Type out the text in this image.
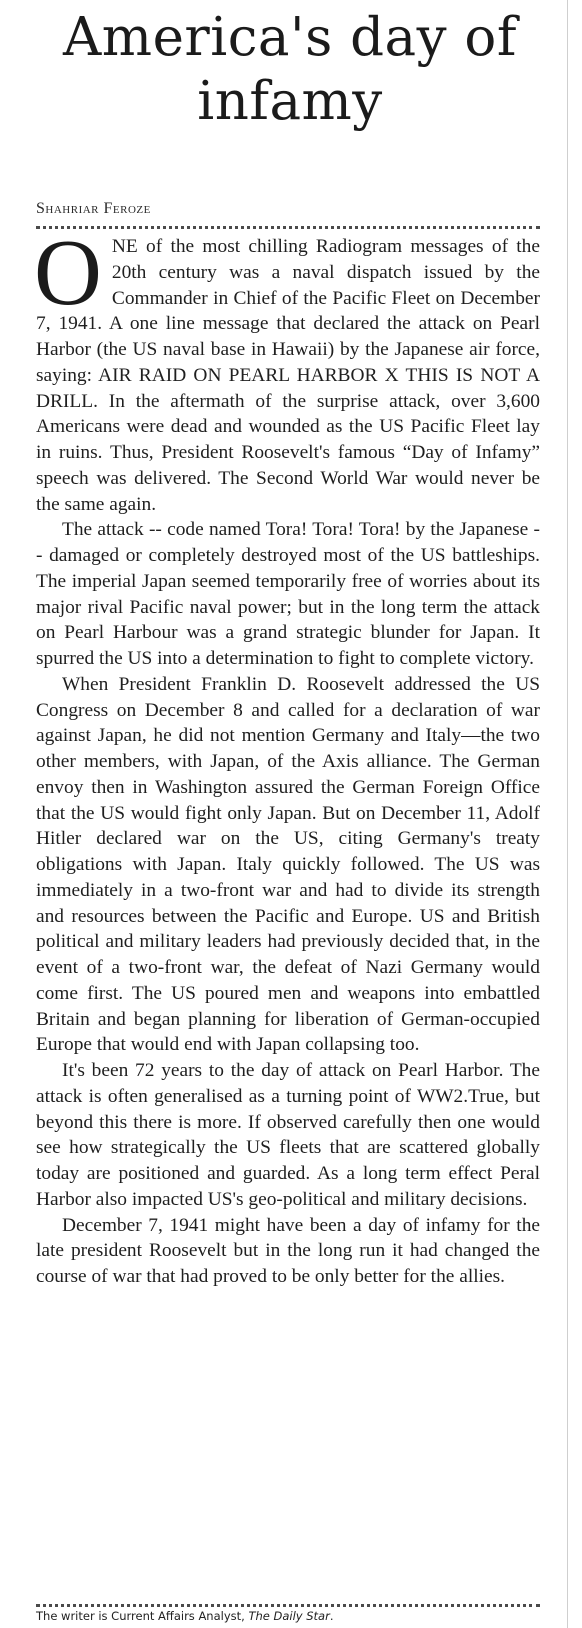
America's day of infamy
Shahriar Feroze

ONE of the most chilling Radiogram messages of the 20th century was a naval dispatch issued by the Commander in Chief of the Pacific Fleet on December 7, 1941. A one line message that declared the attack on Pearl Harbor (the US naval base in Hawaii) by the Japanese air force, saying: AIR RAID ON PEARL HARBOR X THIS IS NOT A DRILL. In the aftermath of the surprise attack, over 3,600 Americans were dead and wounded as the US Pacific Fleet lay in ruins. Thus, President Roosevelt's famous “Day of Infamy” speech was delivered. The Second World War would never be the same again.

The attack -- code named Tora! Tora! Tora! by the Japanese -- damaged or completely destroyed most of the US battleships. The imperial Japan seemed temporarily free of worries about its major rival Pacific naval power; but in the long term the attack on Pearl Harbour was a grand strategic blunder for Japan. It spurred the US into a determination to fight to complete victory.

When President Franklin D. Roosevelt addressed the US Congress on December 8 and called for a declaration of war against Japan, he did not mention Germany and Italy—the two other members, with Japan, of the Axis alliance. The German envoy then in Washington assured the German Foreign Office that the US would fight only Japan. But on December 11, Adolf Hitler declared war on the US, citing Germany's treaty obligations with Japan. Italy quickly followed. The US was immediately in a two-front war and had to divide its strength and resources between the Pacific and Europe. US and British political and military leaders had previously decided that, in the event of a two-front war, the defeat of Nazi Germany would come first. The US poured men and weapons into embattled Britain and began planning for liberation of German-occupied Europe that would end with Japan collapsing too.

It's been 72 years to the day of attack on Pearl Harbor. The attack is often generalised as a turning point of WW2.True, but beyond this there is more. If observed carefully then one would see how strategically the US fleets that are scattered globally today are positioned and guarded. As a long term effect Peral Harbor also impacted US's geo-political and military decisions.

December 7, 1941 might have been a day of infamy for the late president Roosevelt but in the long run it had changed the course of war that had proved to be only better for the allies.

The writer is Current Affairs Analyst, The Daily Star.
